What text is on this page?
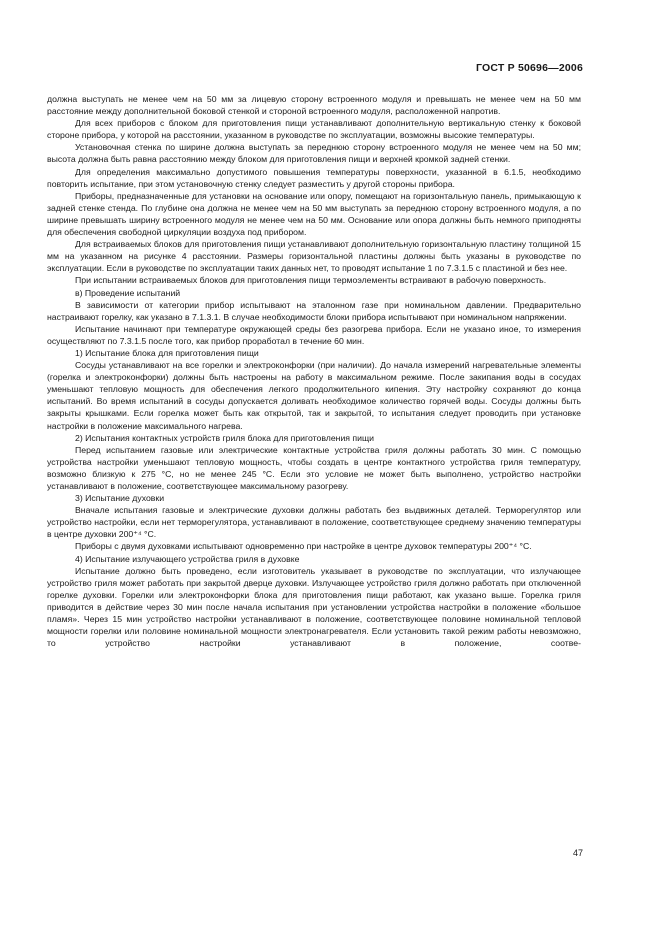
ГОСТ Р 50696—2006

должна выступать не менее чем на 50 мм за лицевую сторону встроенного модуля и превышать не менее чем на 50 мм расстояние между дополнительной боковой стенкой и стороной встроенного модуля, расположенной напротив.

Для всех приборов с блоком для приготовления пищи устанавливают дополнительную вертикальную стенку к боковой стороне прибора, у которой на расстоянии, указанном в руководстве по эксплуатации, возможны высокие температуры.

Установочная стенка по ширине должна выступать за переднюю сторону встроенного модуля не менее чем на 50 мм; высота должна быть равна расстоянию между блоком для приготовления пищи и верхней кромкой задней стенки.

Для определения максимально допустимого повышения температуры поверхности, указанной в 6.1.5, необходимо повторить испытание, при этом установочную стенку следует разместить у другой стороны прибора.

Приборы, предназначенные для установки на основание или опору, помещают на горизонтальную панель, примыкающую к задней стенке стенда. По глубине она должна не менее чем на 50 мм выступать за переднюю сторону встроенного модуля, а по ширине превышать ширину встроенного модуля не менее чем на 50 мм. Основание или опора должны быть немного приподняты для обеспечения свободной циркуляции воздуха под прибором.

Для встраиваемых блоков для приготовления пищи устанавливают дополнительную горизонтальную пластину толщиной 15 мм на указанном на рисунке 4 расстоянии. Размеры горизонтальной пластины должны быть указаны в руководстве по эксплуатации. Если в руководстве по эксплуатации таких данных нет, то проводят испытание 1 по 7.3.1.5 с пластиной и без нее.

При испытании встраиваемых блоков для приготовления пищи термоэлементы встраивают в рабочую поверхность.

в) Проведение испытаний

В зависимости от категории прибор испытывают на эталонном газе при номинальном давлении. Предварительно настраивают горелку, как указано в 7.1.3.1. В случае необходимости блоки прибора испытывают при номинальном напряжении.

Испытание начинают при температуре окружающей среды без разогрева прибора. Если не указано иное, то измерения осуществляют по 7.3.1.5 после того, как прибор проработал в течение 60 мин.

1) Испытание блока для приготовления пищи

Сосуды устанавливают на все горелки и электроконфорки (при наличии). До начала измерений нагревательные элементы (горелка и электроконфорки) должны быть настроены на работу в максимальном режиме. После закипания воды в сосудах уменьшают тепловую мощность для обеспечения легкого продолжительного кипения. Эту настройку сохраняют до конца испытаний. Во время испытаний в сосуды допускается доливать необходимое количество горячей воды. Сосуды должны быть закрыты крышками. Если горелка может быть как открытой, так и закрытой, то испытания следует проводить при установке настройки в положение максимального нагрева.

2) Испытания контактных устройств гриля блока для приготовления пищи

Перед испытанием газовые или электрические контактные устройства гриля должны работать 30 мин. С помощью устройства настройки уменьшают тепловую мощность, чтобы создать в центре контактного устройства гриля температуру, возможно близкую к 275 °С, но не менее 245 °С. Если это условие не может быть выполнено, устройство настройки устанавливают в положение, соответствующее максимальному разогреву.

3) Испытание духовки

Вначале испытания газовые и электрические духовки должны работать без выдвижных деталей. Терморегулятор или устройство настройки, если нет терморегулятора, устанавливают в положение, соответствующее среднему значению температуры в центре духовки 200⁺⁴ °С.

Приборы с двумя духовками испытывают одновременно при настройке в центре духовок температуры 200⁺⁴ °С.

4) Испытание излучающего устройства гриля в духовке

Испытание должно быть проведено, если изготовитель указывает в руководстве по эксплуатации, что излучающее устройство гриля может работать при закрытой дверце духовки. Излучающее устройство гриля должно работать при отключенной горелке духовки. Горелки или электроконфорки блока для приготовления пищи работают, как указано выше. Горелка гриля приводится в действие через 30 мин после начала испытания при установлении устройства настройки в положение «большое пламя». Через 15 мин устройство настройки устанавливают в положение, соответствующее половине номинальной тепловой мощности горелки или половине номинальной мощности электронагревателя. Если установить такой режим работы невозможно, то устройство настройки устанавливают в положение, соотве-

47
